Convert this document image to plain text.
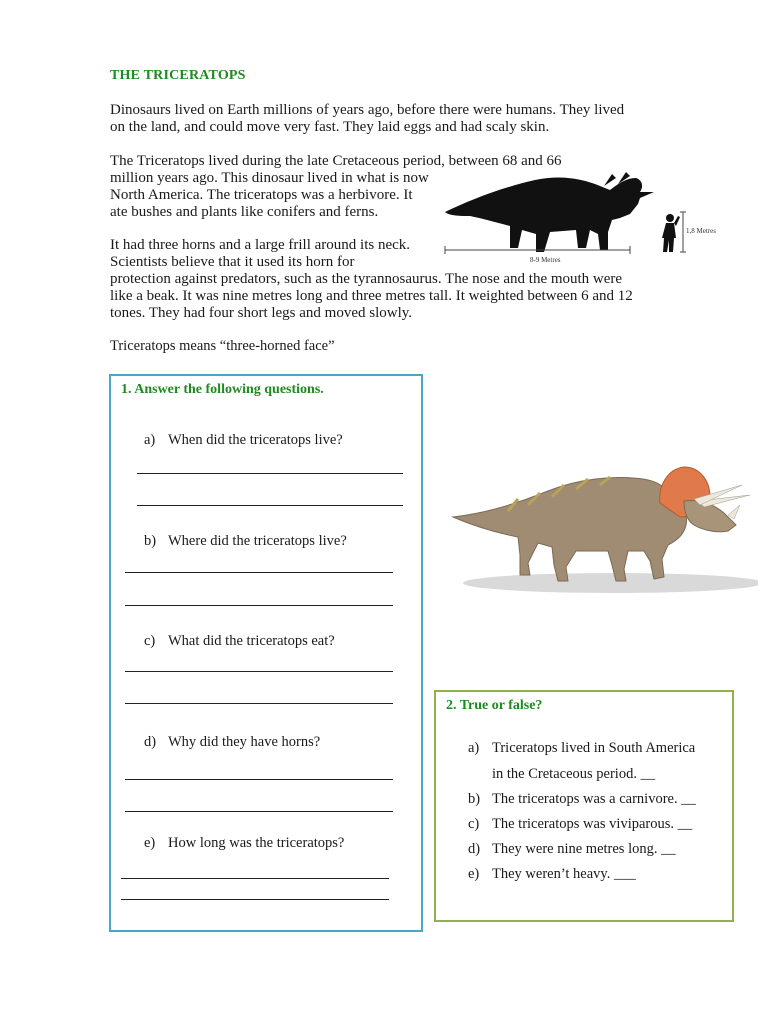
THE TRICERATOPS
Dinosaurs lived on Earth millions of years ago, before there were humans. They lived
on the land, and could move very fast. They laid eggs and had scaly skin.
The Triceratops lived during the late Cretaceous period, between 68 and 66
million years ago. This dinosaur lived in what is now
North America. The triceratops was a herbivore. It
ate bushes and plants like conifers and ferns.
It had three horns and a large frill around its neck.
Scientists believe that it used its horn for
protection against predators, such as the tyrannosaurus. The nose and the mouth were
like a beak. It was nine metres long and three metres tall. It weighted between 6 and 12
tones. They had four short legs and moved slowly.
Triceratops means “three-horned face”
8-9 Metres
1,8 Metres
1. Answer the following questions.
a) When did the triceratops live?
b) Where did the triceratops live?
c) What did the triceratops eat?
d) Why did they have horns?
e) How long was the triceratops?
2. True or false?
a) Triceratops lived in South America
in the Cretaceous period. __
b) The triceratops was a carnivore. __
c) The triceratops was viviparous. __
d) They were nine metres long. __
e) They weren’t heavy. ___
